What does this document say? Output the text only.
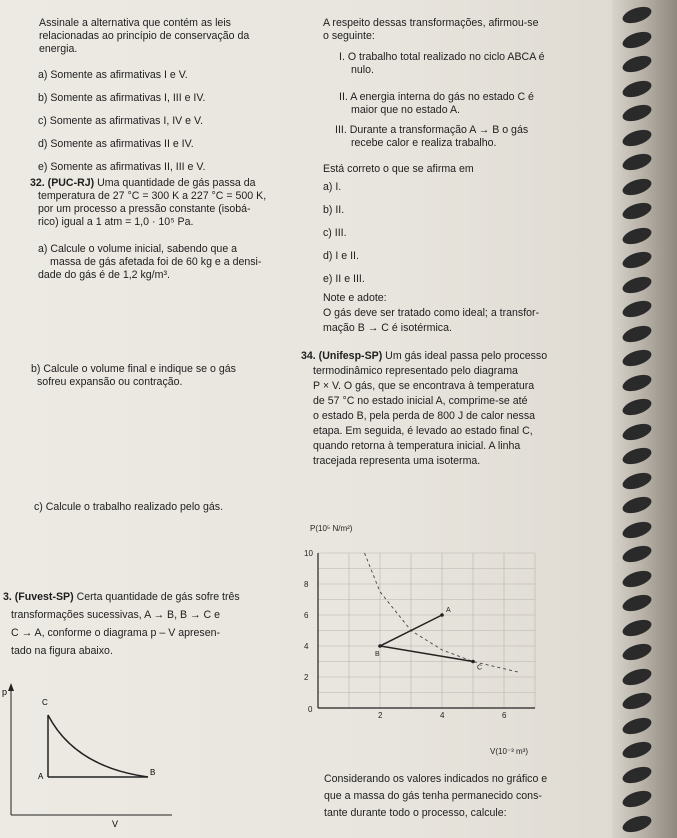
Assinale a alternativa que contém as leis
relacionadas ao princípio de conservação da
energia.
a) Somente as afirmativas I e V.
b) Somente as afirmativas I, III e IV.
c) Somente as afirmativas I, IV e V.
d) Somente as afirmativas II e IV.
e) Somente as afirmativas II, III e V.
32. (PUC-RJ) Uma quantidade de gás passa da
temperatura de 27 °C = 300 K a 227 °C = 500 K,
por um processo a pressão constante (isobá-
rico) igual a 1 atm = 1,0 · 10⁵ Pa.
a) Calcule o volume inicial, sabendo que a
massa de gás afetada foi de 60 kg e a densi-
dade do gás é de 1,2 kg/m³.
b) Calcule o volume final e indique se o gás
sofreu expansão ou contração.
c) Calcule o trabalho realizado pelo gás.
3. (Fuvest-SP) Certa quantidade de gás sofre três
transformações sucessivas, A → B, B → C e
C → A, conforme o diagrama p – V apresen-
tado na figura abaixo.
p
V
C
A	B
A respeito dessas transformações, afirmou-se
o seguinte:
I. O trabalho total realizado no ciclo ABCA é
nulo.
II. A energia interna do gás no estado C é
maior que no estado A.
III. Durante a transformação A → B o gás
recebe calor e realiza trabalho.
Está correto o que se afirma em
a) I.
b) II.
c) III.
d) I e II.
e) II e III.
Note e adote:
O gás deve ser tratado como ideal; a transfor-
mação B → C é isotérmica.
34. (Unifesp-SP) Um gás ideal passa pelo processo
termodinâmico representado pelo diagrama
P × V. O gás, que se encontrava à temperatura
de 57 °C no estado inicial A, comprime-se até
o estado B, pela perda de 800 J de calor nessa
etapa. Em seguida, é levado ao estado final C,
quando retorna à temperatura inicial. A linha
tracejada representa uma isoterma.
P(10⁵ N/m²)
V(10⁻³ m³)
2
4
6
8
10
0
2	4	6
A
B
C
Considerando os valores indicados no gráfico e
que a massa do gás tenha permanecido cons-
tante durante todo o processo, calcule:
